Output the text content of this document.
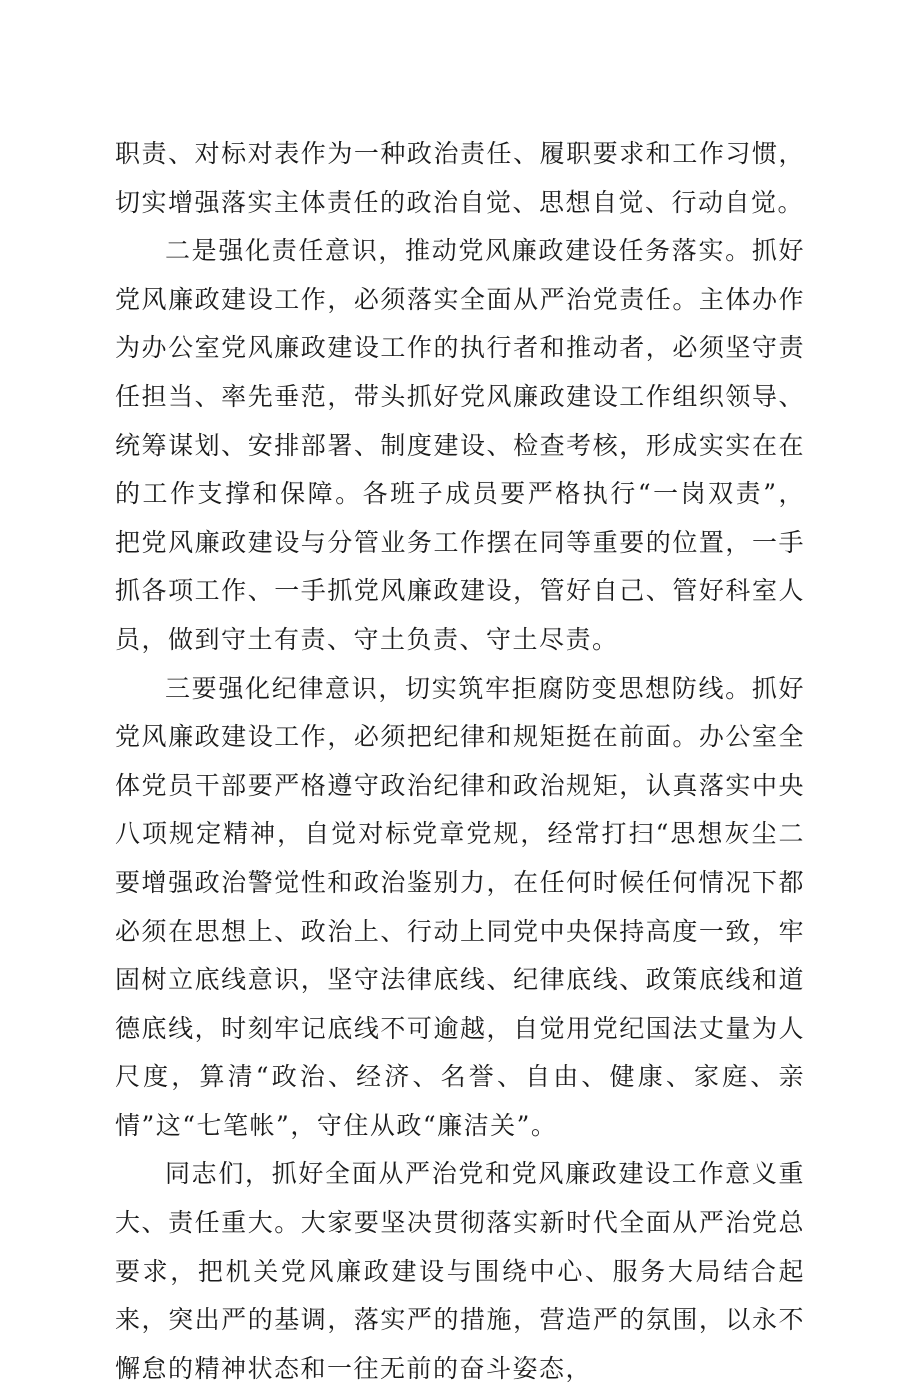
职责、对标对表作为一种政治责任、履职要求和工作习惯，切实增强落实主体责任的政治自觉、思想自觉、行动自觉。

二是强化责任意识，推动党风廉政建设任务落实。抓好党风廉政建设工作，必须落实全面从严治党责任。主体办作为办公室党风廉政建设工作的执行者和推动者，必须坚守责任担当、率先垂范，带头抓好党风廉政建设工作组织领导、统筹谋划、安排部署、制度建设、检查考核，形成实实在在的工作支撑和保障。各班子成员要严格执行“一岗双责”，把党风廉政建设与分管业务工作摆在同等重要的位置，一手抓各项工作、一手抓党风廉政建设，管好自己、管好科室人员，做到守土有责、守土负责、守土尽责。

三要强化纪律意识，切实筑牢拒腐防变思想防线。抓好党风廉政建设工作，必须把纪律和规矩挺在前面。办公室全体党员干部要严格遵守政治纪律和政治规矩，认真落实中央八项规定精神，自觉对标党章党规，经常打扫“思想灰尘二要增强政治警觉性和政治鉴别力，在任何时候任何情况下都必须在思想上、政治上、行动上同党中央保持高度一致，牢固树立底线意识，坚守法律底线、纪律底线、政策底线和道德底线，时刻牢记底线不可逾越，自觉用党纪国法丈量为人尺度，算清“政治、经济、名誉、自由、健康、家庭、亲情”这“七笔帐”，守住从政“廉洁关”。

同志们，抓好全面从严治党和党风廉政建设工作意义重大、责任重大。大家要坚决贯彻落实新时代全面从严治党总要求，把机关党风廉政建设与围绕中心、服务大局结合起来，突出严的基调，落实严的措施，营造严的氛围，以永不懈怠的精神状态和一往无前的奋斗姿态，
